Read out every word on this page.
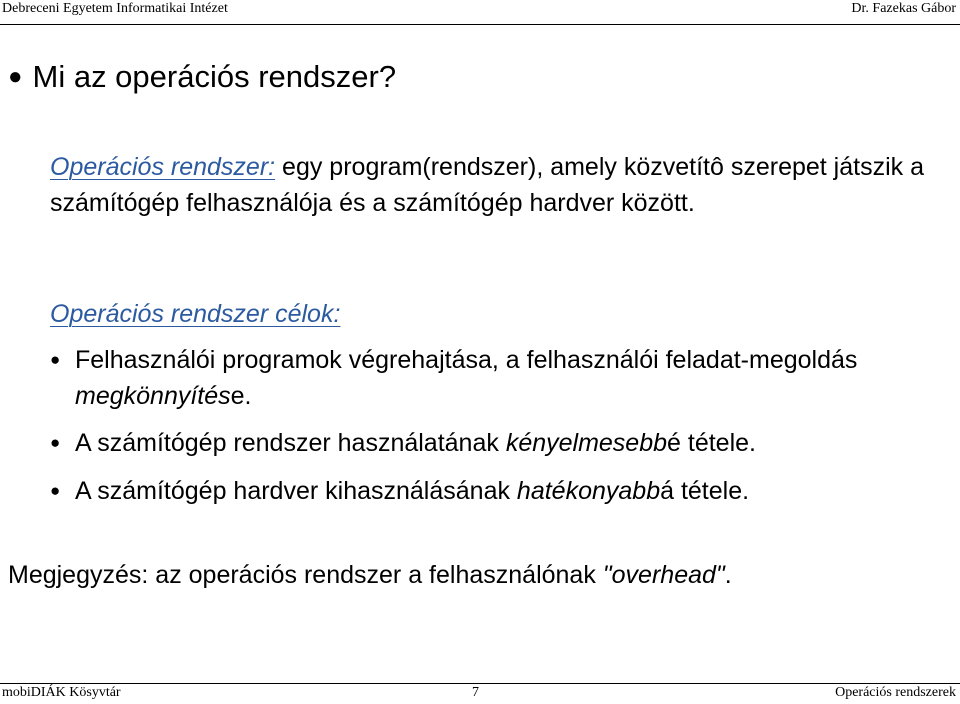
Debreceni Egyetem Informatikai Intézet	Dr. Fazekas Gábor
● Mi az operációs rendszer?
Operációs rendszer: egy program(rendszer), amely közvetítô szerepet játszik a számítógép felhasználója és a számítógép hardver között.
Operációs rendszer célok:
● Felhasználói programok végrehajtása, a felhasználói feladat-megoldás megkönnyítése.
● A számítógép rendszer használatának kényelmesebbé tétele.
● A számítógép hardver kihasználásának hatékonyabbá tétele.
Megjegyzés: az operációs rendszer a felhasználónak "overhead".
mobiDIÁK Kösyvtár	7	Operációs rendszerek
